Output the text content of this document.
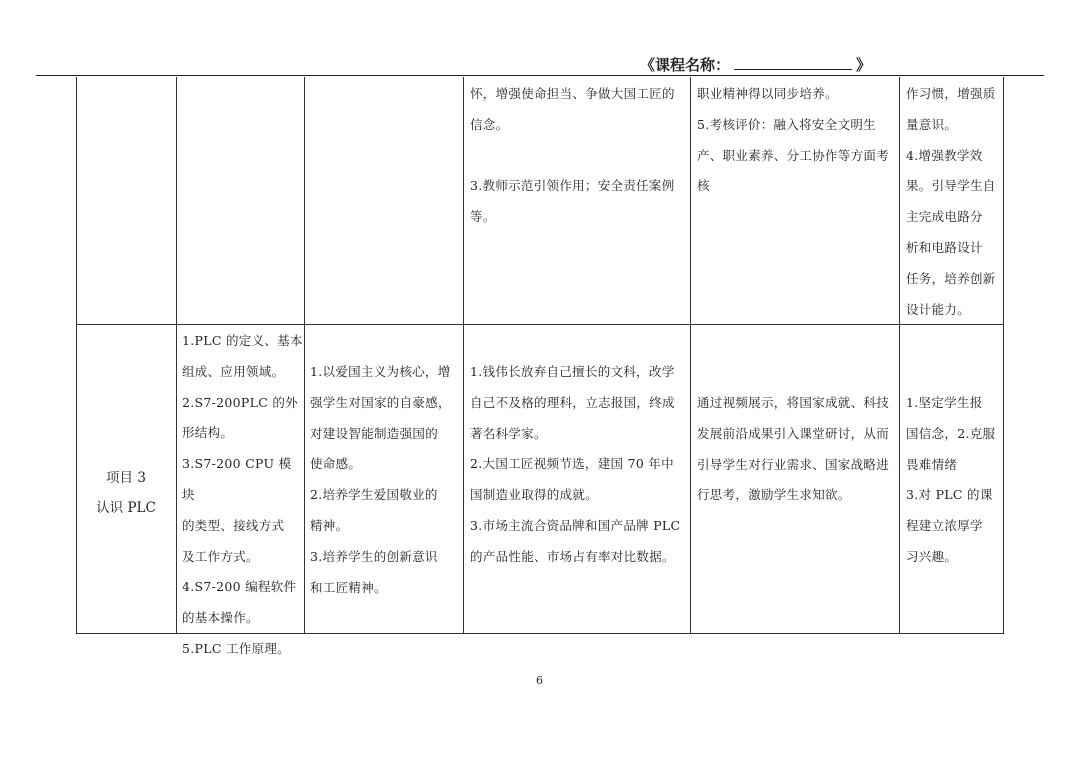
《课程名称：	》
怀，增强使命担当、争做大国工匠的
信念。

3.教师示范引领作用；安全责任案例
等。
职业精神得以同步培养。
5.考核评价：融入将安全文明生
产、职业素养、分工协作等方面考
核
作习惯，增强质
量意识。
4.增强教学效
果。引导学生自
主完成电路分
析和电路设计
任务，培养创新
设计能力。
项目 3
认识 PLC
1.PLC 的定义、基本
组成、应用领域。
2.S7-200PLC 的外
形结构。
3.S7-200 CPU 模块
的类型、接线方式
及工作方式。
4.S7-200 编程软件
的基本操作。
5.PLC 工作原理。
1.以爱国主义为核心，增
强学生对国家的自豪感，
对建设智能制造强国的
使命感。
2.培养学生爱国敬业的
精神。
3.培养学生的创新意识
和工匠精神。
1.钱伟长放弃自己擅长的文科，改学
自己不及格的理科，立志报国，终成
著名科学家。
2.大国工匠视频节选，建国 70 年中
国制造业取得的成就。
3.市场主流合资品牌和国产品牌 PLC
的产品性能、市场占有率对比数据。
通过视频展示，将国家成就、科技
发展前沿成果引入课堂研讨，从而
引导学生对行业需求、国家战略进
行思考，激励学生求知欲。
1.坚定学生报
国信念，2.克服
畏难情绪
3.对 PLC 的课
程建立浓厚学
习兴趣。
6
